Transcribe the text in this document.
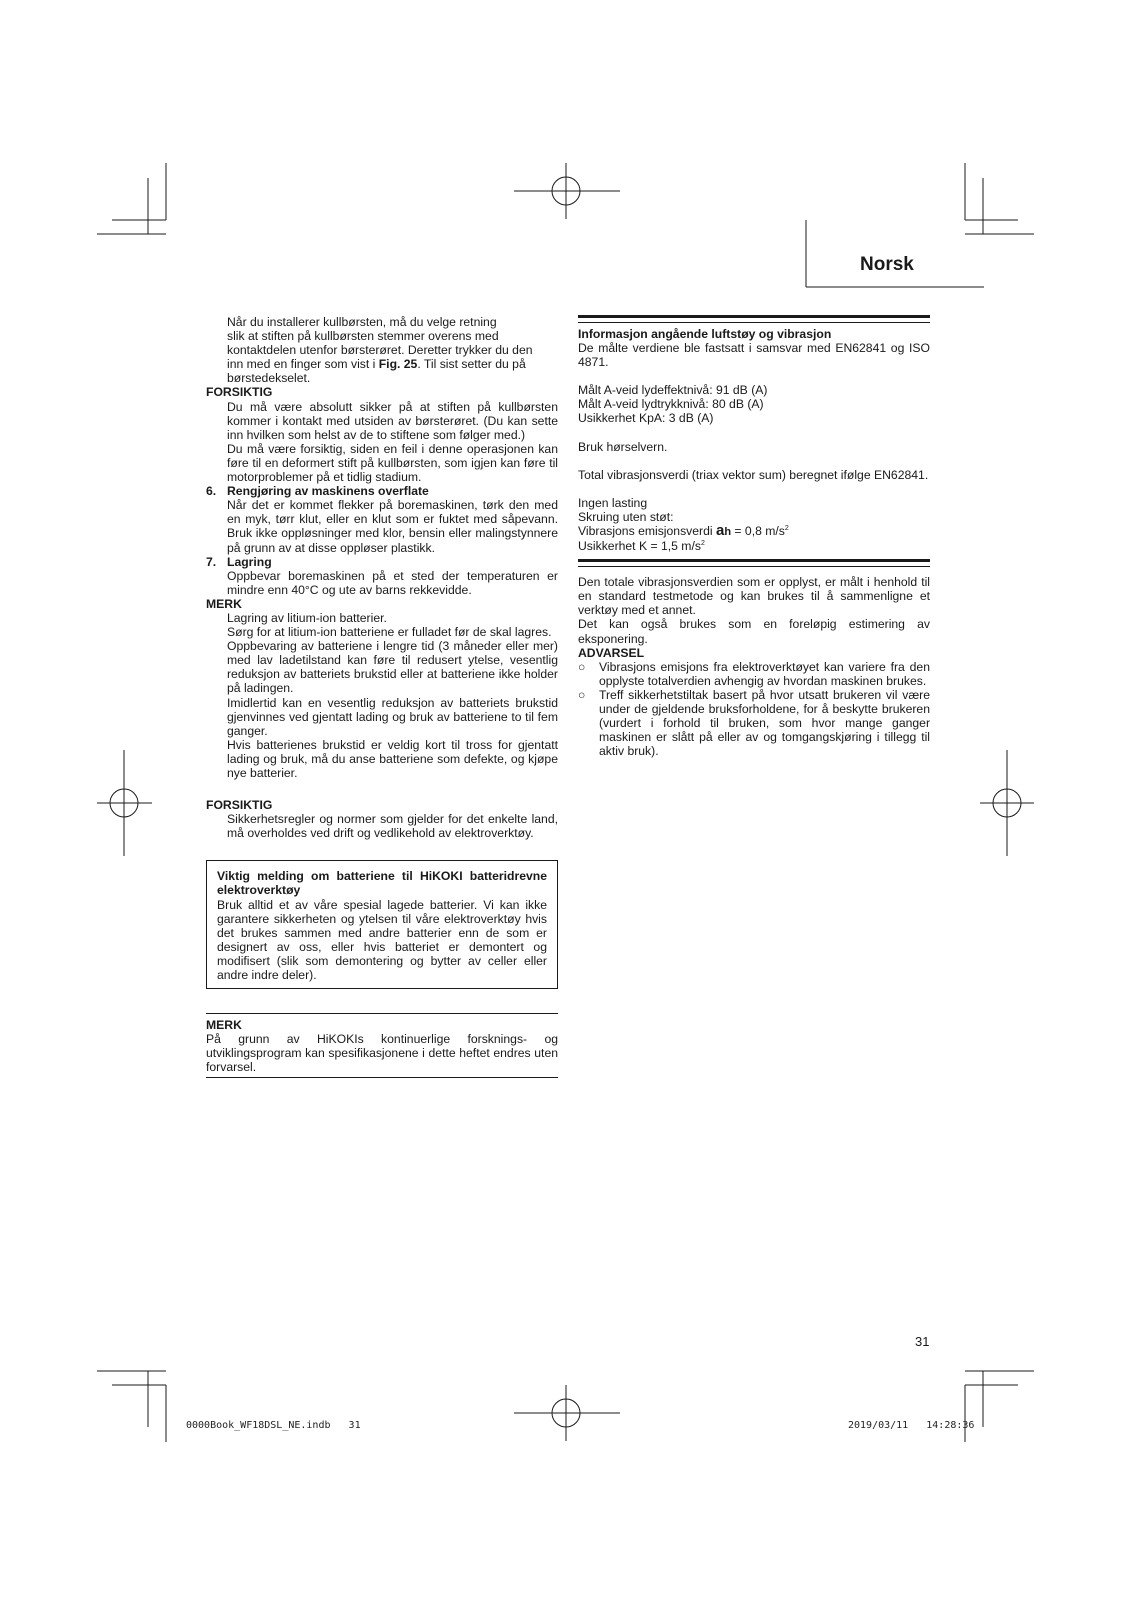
Norsk

Når du installerer kullbørsten, må du velge retning

slik at stiften på kullbørsten stemmer overens med

kontaktdelen utenfor børsterøret. Deretter trykker du den

inn med en finger som vist i Fig. 25. Til sist setter du på

børstedekselet.

FORSIKTIG

Du må være absolutt sikker på at stiften på kullbørsten kommer i kontakt med utsiden av børsterøret. (Du kan sette inn hvilken som helst av de to stiftene som følger med.)

Du må være forsiktig, siden en feil i denne operasjonen kan føre til en deformert stift på kullbørsten, som igjen kan føre til motorproblemer på et tidlig stadium.

6. Rengjøring av maskinens overflate

Når det er kommet flekker på boremaskinen, tørk den med en myk, tørr klut, eller en klut som er fuktet med såpevann. Bruk ikke oppløsninger med klor, bensin eller malingstynnere på grunn av at disse oppløser plastikk.

7. Lagring

Oppbevar boremaskinen på et sted der temperaturen er mindre enn 40°C og ute av barns rekkevidde.

MERK

Lagring av litium-ion batterier.

Sørg for at litium-ion batteriene er fulladet før de skal lagres.

Oppbevaring av batteriene i lengre tid (3 måneder eller mer) med lav ladetilstand kan føre til redusert ytelse, vesentlig reduksjon av batteriets brukstid eller at batteriene ikke holder på ladingen.

Imidlertid kan en vesentlig reduksjon av batteriets brukstid gjenvinnes ved gjentatt lading og bruk av batteriene to til fem ganger.

Hvis batterienes brukstid er veldig kort til tross for gjentatt lading og bruk, må du anse batteriene som defekte, og kjøpe nye batterier.

FORSIKTIG

Sikkerhetsregler og normer som gjelder for det enkelte land, må overholdes ved drift og vedlikehold av elektroverktøy.

Viktig melding om batteriene til HiKOKI batteridrevne elektroverktøy

Bruk alltid et av våre spesial lagede batterier. Vi kan ikke garantere sikkerheten og ytelsen til våre elektroverktøy hvis det brukes sammen med andre batterier enn de som er designert av oss, eller hvis batteriet er demontert og modifisert (slik som demontering og bytter av celler eller andre indre deler).

MERK

På grunn av HiKOKIs kontinuerlige forsknings- og utviklingsprogram kan spesifikasjonene i dette heftet endres uten forvarsel.

Informasjon angående luftstøy og vibrasjon

De målte verdiene ble fastsatt i samsvar med EN62841 og ISO 4871.

Målt A-veid lydeffektnivå: 91 dB (A)

Målt A-veid lydtrykknivå: 80 dB (A)

Usikkerhet KpA: 3 dB (A)

Bruk hørselvern.

Total vibrasjonsverdi (triax vektor sum) beregnet ifølge EN62841.

Ingen lasting

Skruing uten støt:

Vibrasjons emisjonsverdi ah = 0,8 $m/s^2$

Usikkerhet K = 1,5 $m/s^2$

Den totale vibrasjonsverdien som er opplyst, er målt i henhold til en standard testmetode og kan brukes til å sammenligne et verktøy med et annet.

Det kan også brukes som en foreløpig estimering av eksponering.

ADVARSEL
○	Vibrasjons emisjons fra elektroverktøyet kan variere fra den opplyste totalverdien avhengig av hvordan maskinen brukes.
○	Treff sikkerhetstiltak basert på hvor utsatt brukeren vil være under de gjeldende bruksforholdene, for å beskytte brukeren (vurdert i forhold til bruken, som hvor mange ganger maskinen er slått på eller av og tomgangskjøring i tillegg til aktiv bruk).
31
0000Book_WF18DSL_NE.indb   31	2019/03/11   14:28:36
